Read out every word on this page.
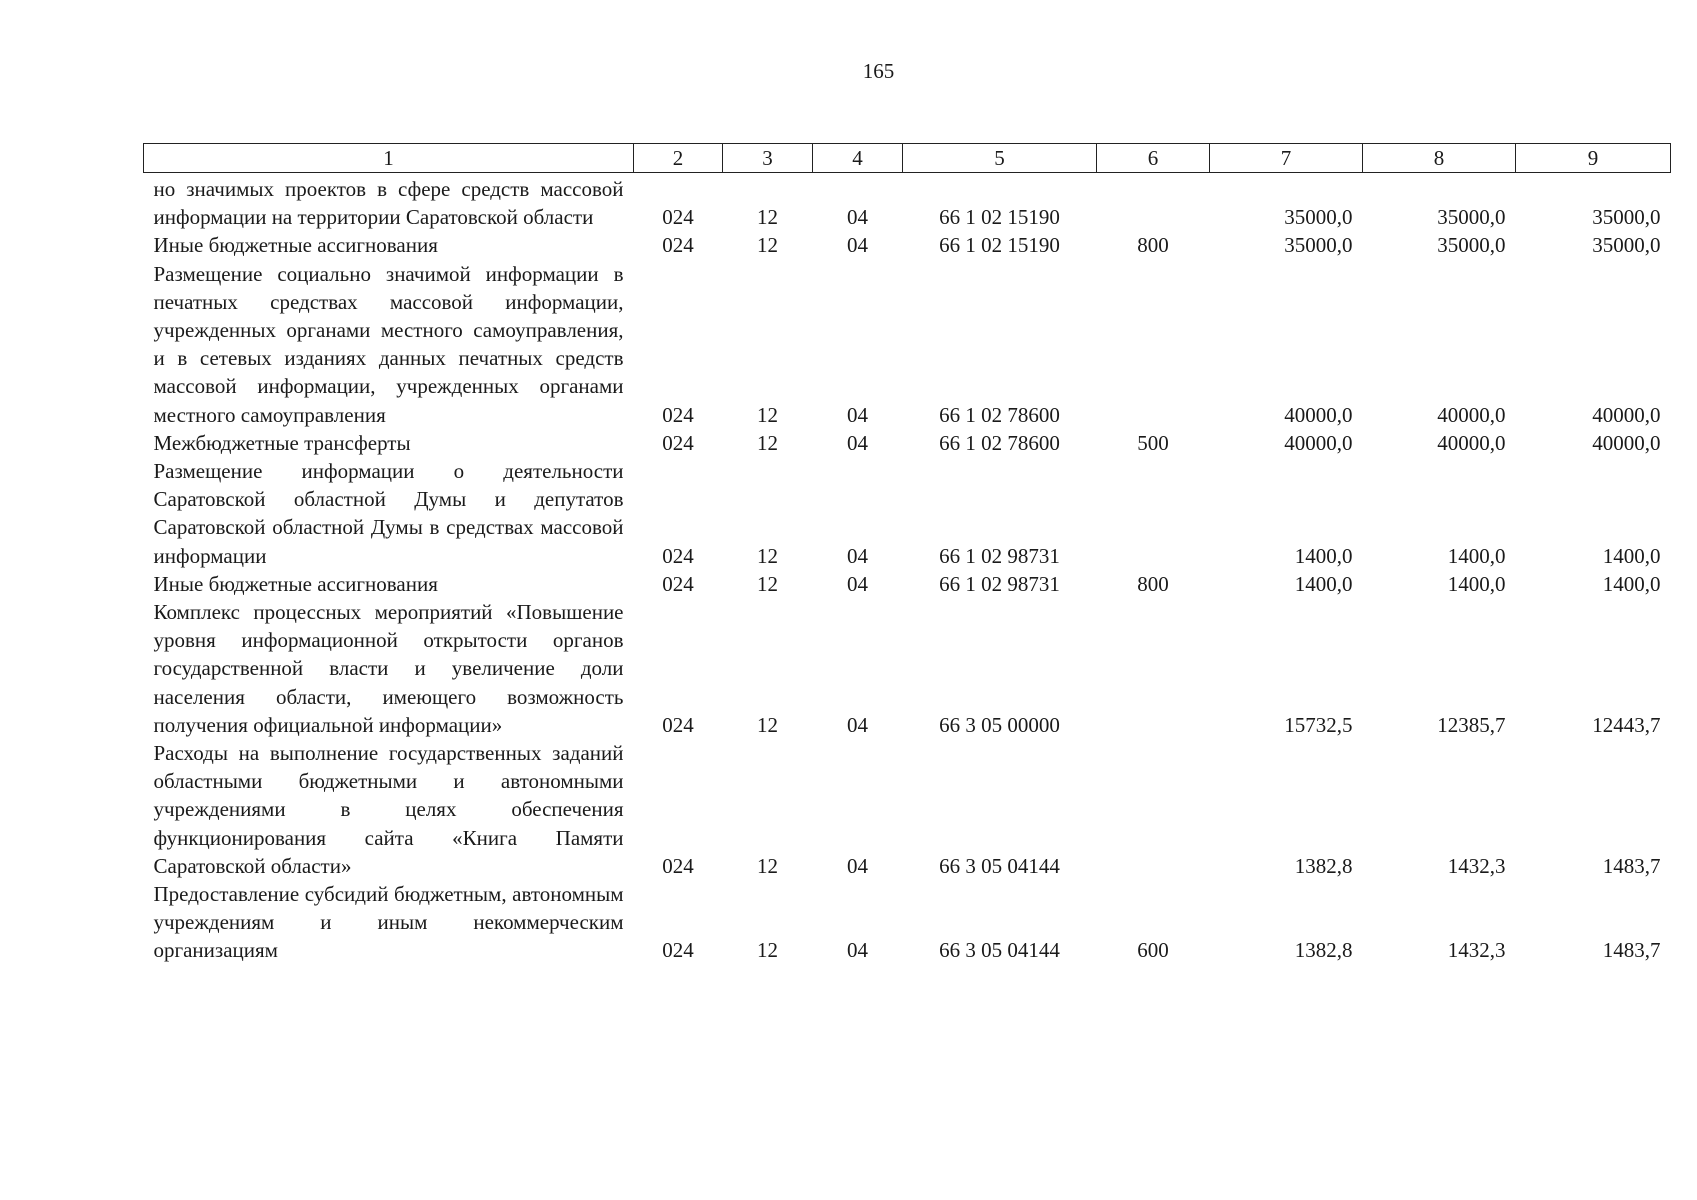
165
1	2	3	4	5	6	7	8	9
но значимых проектов в сфере средств массовой информации на территории Саратовской области	024	12	04	66 1 02 15190		35000,0	35000,0	35000,0
Иные бюджетные ассигнования	024	12	04	66 1 02 15190	800	35000,0	35000,0	35000,0
Размещение социально значимой информации в печатных средствах массовой информации, учрежденных органами местного самоуправления, и в сетевых изданиях данных печатных средств массовой информации, учрежденных органами местного самоуправления	024	12	04	66 1 02 78600		40000,0	40000,0	40000,0
Межбюджетные трансферты	024	12	04	66 1 02 78600	500	40000,0	40000,0	40000,0
Размещение информации о деятельности Саратовской областной Думы и депутатов Саратовской областной Думы в средствах массовой информации	024	12	04	66 1 02 98731		1400,0	1400,0	1400,0
Иные бюджетные ассигнования	024	12	04	66 1 02 98731	800	1400,0	1400,0	1400,0
Комплекс процессных мероприятий «Повышение уровня информационной открытости органов государственной власти и увеличение доли населения области, имеющего возможность получения официальной информации»	024	12	04	66 3 05 00000		15732,5	12385,7	12443,7
Расходы на выполнение государственных заданий областными бюджетными и автономными учреждениями в целях обеспечения функционирования сайта «Книга Памяти Саратовской области»	024	12	04	66 3 05 04144		1382,8	1432,3	1483,7
Предоставление субсидий бюджетным, автономным учреждениям и иным некоммерческим организациям	024	12	04	66 3 05 04144	600	1382,8	1432,3	1483,7
